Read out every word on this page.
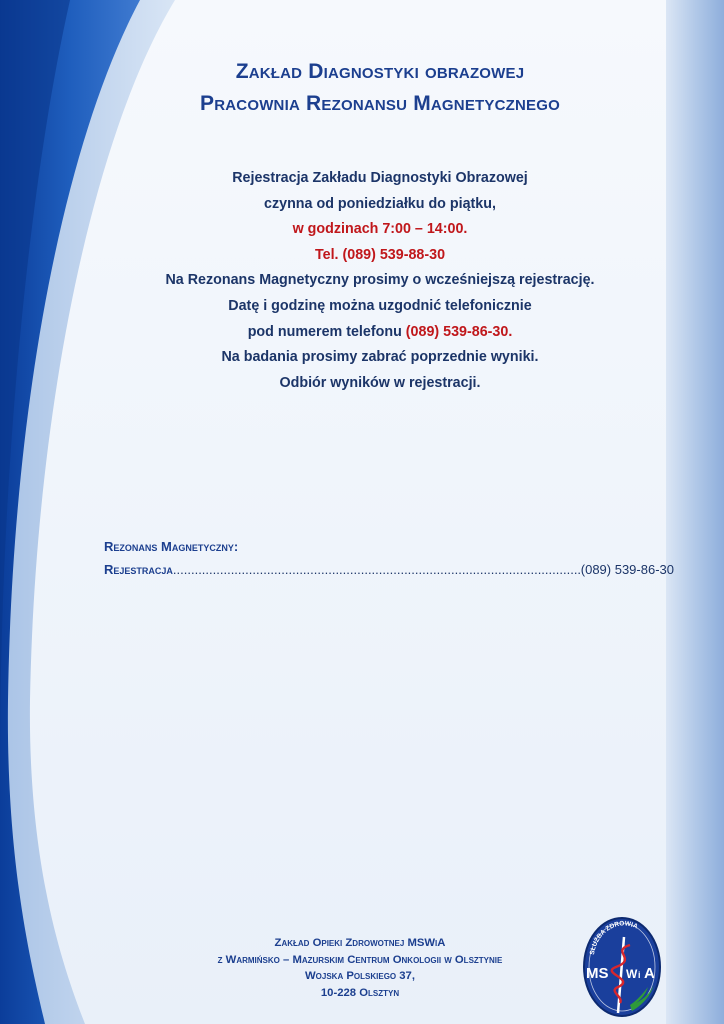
Zakład Diagnostyki obrazowej
Pracownia Rezonansu Magnetycznego
Rejestracja Zakładu Diagnostyki Obrazowej
czynna od poniedziałku do piątku,
w godzinach 7:00 – 14:00.
Tel. (089) 539-88-30
Na Rezonans Magnetyczny prosimy o wcześniejszą rejestrację.
Datę i godzinę można uzgodnić telefonicznie
pod numerem telefonu (089) 539-86-30.
Na badania prosimy zabrać poprzednie wyniki.
Odbiór wyników w rejestracji.
Rezonans Magnetyczny:
Rejestracja
.....	(089) 539-86-30
Zakład Opieki Zdrowotnej MSWiA
z Warmińsko – Mazurskim Centrum Onkologii w Olsztynie
Wojska Polskiego 37,
10-228 Olsztyn
SŁUŻBA ZDROWIA
MS W i A
